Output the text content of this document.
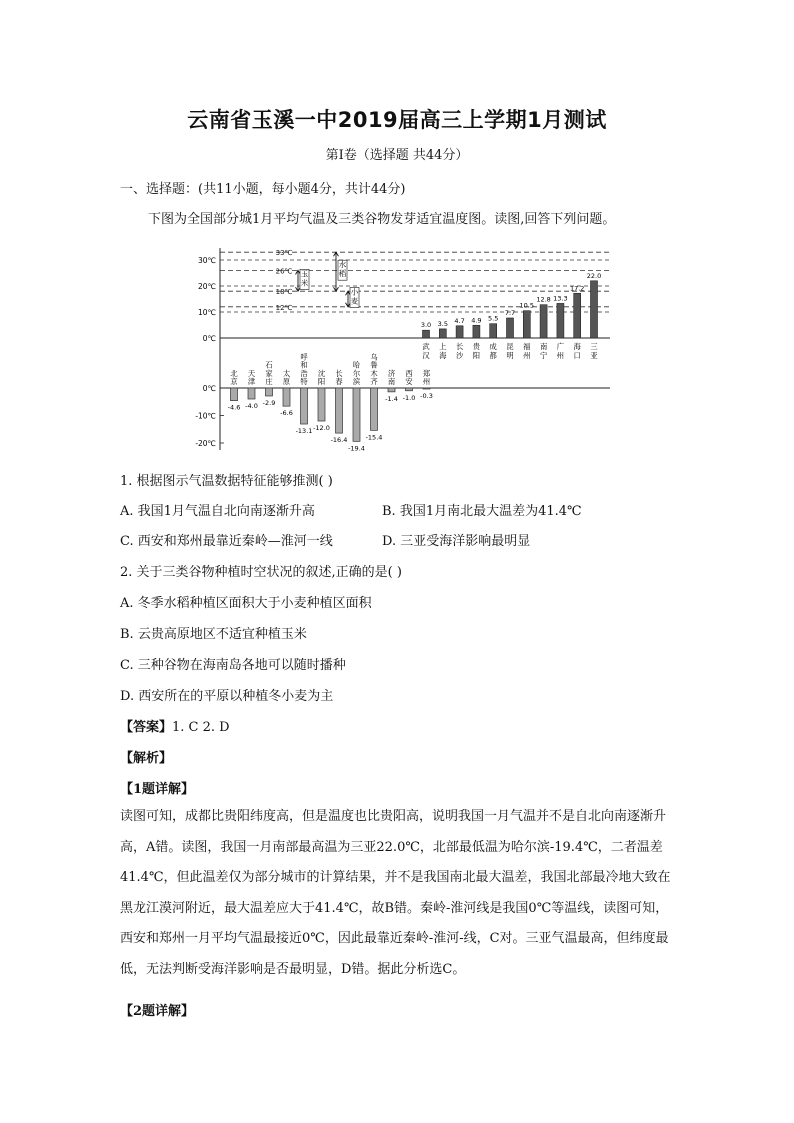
云南省玉溪一中2019届高三上学期1月测试
第Ⅰ卷（选择题 共44分）
一、选择题：(共11小题，每小题4分，共计44分)
下图为全国部分城1月平均气温及三类谷物发芽适宜温度图。读图,回答下列问题。
0℃
10℃
20℃
30℃
0℃
-10℃
-20℃
33℃
26℃
18℃
12℃
玉
米
水
稻
小
麦
-4.6
北
京
-4.0
天
津
-2.9
石
家
庄
-6.6
太
原
-13.1
呼
和
浩
特
-12.0
沈
阳
-16.4
长
春
-19.4
哈
尔
滨
-15.4
乌
鲁
木
齐
-1.4
济
南
-1.0
西
安
-0.3
郑
州
3.0
武
汉
3.5
上
海
4.7
长
沙
4.9
贵
阳
5.5
成
都
7.7
昆
明
10.5
福
州
12.8
南
宁
13.3
广
州
17.2
海
口
22.0
三
亚
1. 根据图示气温数据特征能够推测( )
A. 我国1月气温自北向南逐渐升高	B. 我国1月南北最大温差为41.4℃
C. 西安和郑州最靠近秦岭—淮河一线	D. 三亚受海洋影响最明显
2. 关于三类谷物种植时空状况的叙述,正确的是( )
A. 冬季水稻种植区面积大于小麦种植区面积
B. 云贵高原地区不适宜种植玉米
C. 三种谷物在海南岛各地可以随时播种
D. 西安所在的平原以种植冬小麦为主
【答案】1. C 2. D
【解析】
【1题详解】
读图可知，成都比贵阳纬度高，但是温度也比贵阳高，说明我国一月气温并不是自北向南逐渐升高，A错。读图，我国一月南部最高温为三亚22.0℃，北部最低温为哈尔滨-19.4℃，二者温差41.4℃，但此温差仅为部分城市的计算结果，并不是我国南北最大温差，我国北部最冷地大致在黑龙江漠河附近，最大温差应大于41.4℃，故B错。秦岭-淮河线是我国0℃等温线，读图可知，西安和郑州一月平均气温最接近0℃，因此最靠近秦岭-淮河-线，C对。三亚气温最高，但纬度最低，无法判断受海洋影响是否最明显，D错。据此分析选C。
【2题详解】
